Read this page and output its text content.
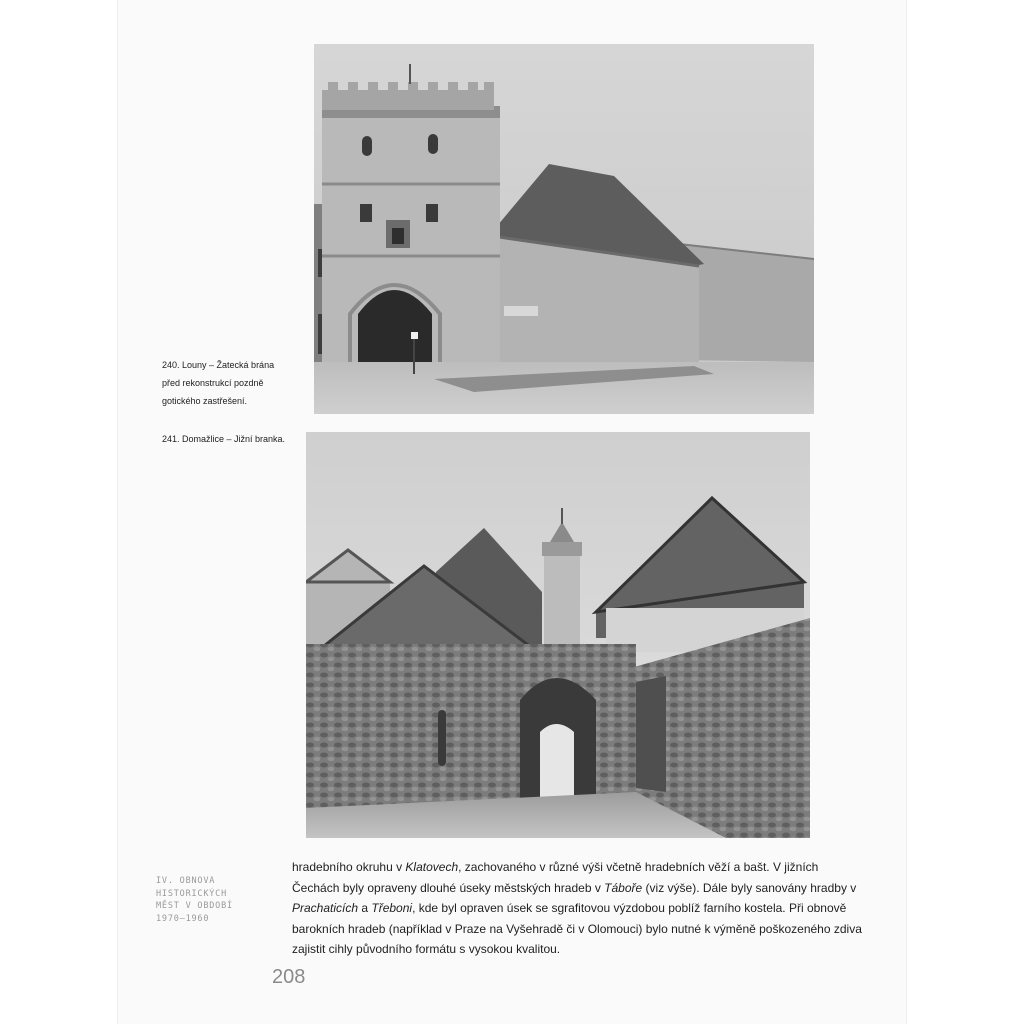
240. Louny – Žatecká brána před rekonstrukcí pozdně gotického zastřešení.
241. Domažlice – Jižní branka.
IV. OBNOVA HISTORICKÝCH MĚST V OBDOBÍ 1970–1960

hradebního okruhu v Klatovech, zachovaného v různé výši včetně hradebních věží a bašt. V jižních Čechách byly opraveny dlouhé úseky městských hradeb v Táboře (viz výše). Dále byly sanovány hradby v Prachaticích a Třeboni, kde byl opraven úsek se sgrafitovou výzdobou poblíž farního kostela. Při obnově barokních hradeb (například v Praze na Vyšehradě či v Olomouci) bylo nutné k výměně poškozeného zdiva zajistit cihly původního formátu s vysokou kvalitou.

208
